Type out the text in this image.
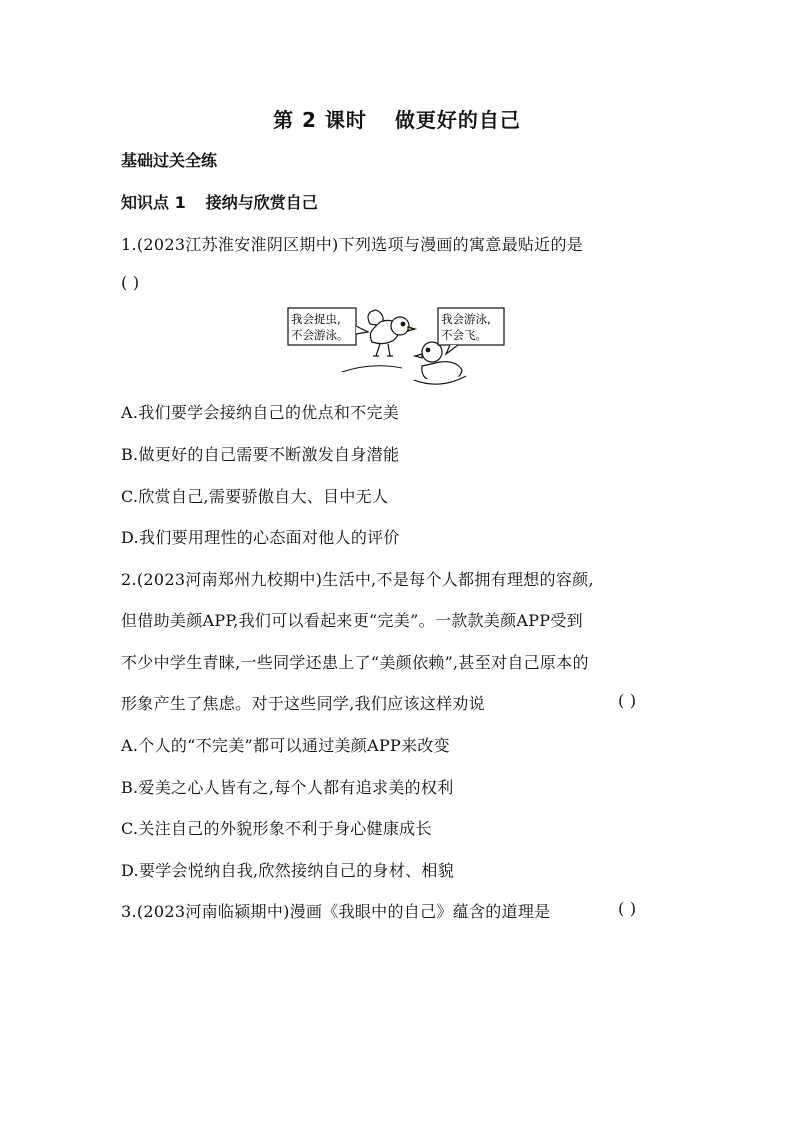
第 2 课时 做更好的自己
基础过关全练
知识点 1 接纳与欣赏自己
1.(2023江苏淮安淮阴区期中)下列选项与漫画的寓意最贴近的是
( )
我会捉虫,
不会游泳。
我会游泳,
不会飞。
A.我们要学会接纳自己的优点和不完美
B.做更好的自己需要不断激发自身潜能
C.欣赏自己,需要骄傲自大、目中无人
D.我们要用理性的心态面对他人的评价
2.(2023河南郑州九校期中)生活中,不是每个人都拥有理想的容颜,
但借助美颜APP,我们可以看起来更“完美”。一款款美颜APP受到
不少中学生青睐,一些同学还患上了“美颜依赖”,甚至对自己原本的
形象产生了焦虑。对于这些同学,我们应该这样劝说	( )
A.个人的“不完美”都可以通过美颜APP来改变
B.爱美之心人皆有之,每个人都有追求美的权利
C.关注自己的外貌形象不利于身心健康成长
D.要学会悦纳自我,欣然接纳自己的身材、相貌
3.(2023河南临颍期中)漫画《我眼中的自己》蕴含的道理是	( )
